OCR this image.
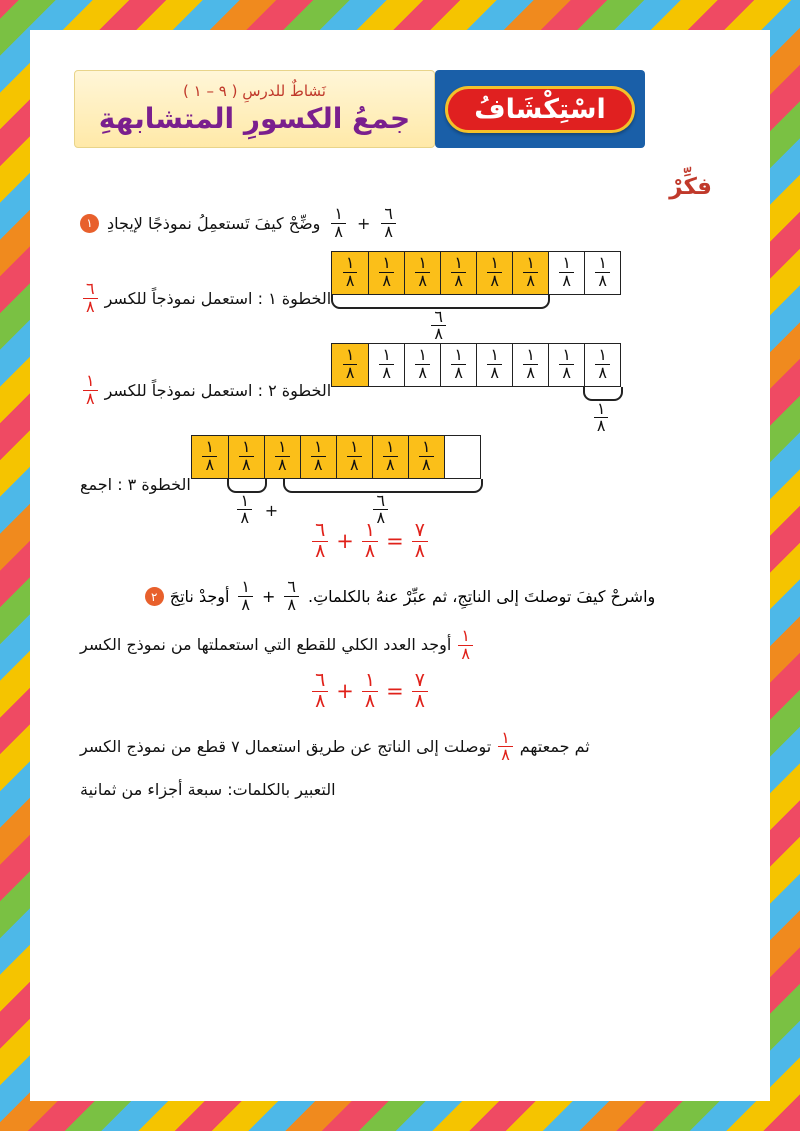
اسْتِكْشَافُ
نَشاطٌ للدرسِ ( ٩ – ١ )
جمعُ الكسورِ المتشابهةِ
فكِّرْ
$\frac{٦}{٨}$
+
$\frac{١}{٨}$
وضِّحْ كيفَ تَستعمِلُ نموذجًا لإيجادِ
١
الخطوة ١ : استعمل نموذجاً للكسر
$\frac{٦}{٨}$
$\frac{١}{٨}$
$\frac{١}{٨}$
$\frac{١}{٨}$
$\frac{١}{٨}$
$\frac{١}{٨}$
$\frac{١}{٨}$
$\frac{١}{٨}$
$\frac{١}{٨}$
$\frac{٦}{٨}$
الخطوة ٢ : استعمل نموذجاً للكسر
$\frac{١}{٨}$
$\frac{١}{٨}$
$\frac{١}{٨}$
$\frac{١}{٨}$
$\frac{١}{٨}$
$\frac{١}{٨}$
$\frac{١}{٨}$
$\frac{١}{٨}$
$\frac{١}{٨}$
$\frac{١}{٨}$
الخطوة ٣ : اجمع
$\frac{١}{٨}$
$\frac{١}{٨}$
$\frac{١}{٨}$
$\frac{١}{٨}$
$\frac{١}{٨}$
$\frac{١}{٨}$
$\frac{١}{٨}$
$\frac{١}{٨}$ +	$\frac{٦}{٨}$
$\frac{٦}{٨} + \frac{١}{٨} = \frac{٧}{٨}$
واشرحْ كيفَ توصلتَ إلى الناتِجِ، ثم عبِّرْ عنهُ بالكلماتِ.
$\frac{٦}{٨}$
+
$\frac{١}{٨}$
أوجدْ ناتِجَ
٢
$\frac{١}{٨}$
أوجد العدد الكلي للقطع التي استعملتها من نموذج الكسر
$\frac{٦}{٨} + \frac{١}{٨} = \frac{٧}{٨}$
ثم جمعتهم
$\frac{١}{٨}$
توصلت إلى الناتج عن طريق استعمال ٧ قطع من نموذج الكسر
التعبير بالكلمات: سبعة أجزاء من ثمانية
